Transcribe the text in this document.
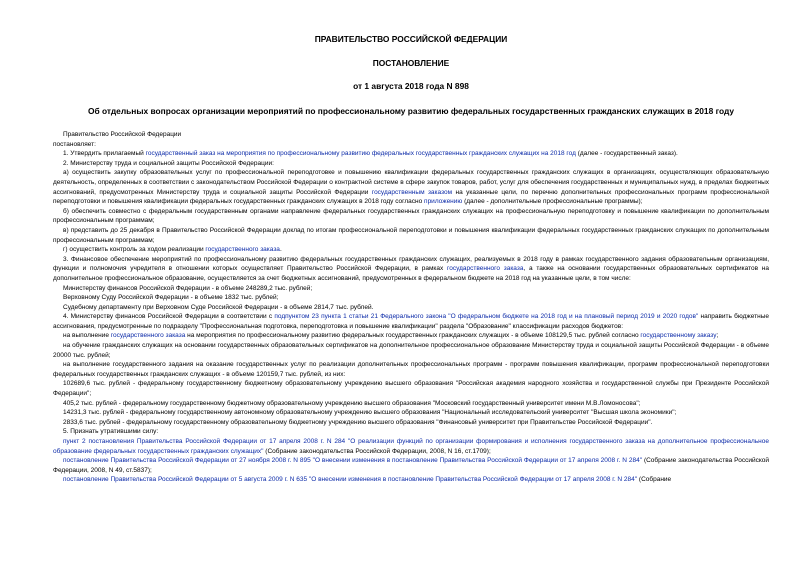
ПРАВИТЕЛЬСТВО РОССИЙСКОЙ ФЕДЕРАЦИИ
ПОСТАНОВЛЕНИЕ
от 1 августа 2018 года N 898
Об отдельных вопросах организации мероприятий по профессиональному развитию федеральных государственных гражданских служащих в 2018 году

Правительство Российской Федерации

постановляет:

1. Утвердить прилагаемый государственный заказ на мероприятия по профессиональному развитию федеральных государственных гражданских служащих на 2018 год (далее - государственный заказ).

2. Министерству труда и социальной защиты Российской Федерации:

а) осуществить закупку образовательных услуг по профессиональной переподготовке и повышению квалификации федеральных государственных гражданских служащих в организациях, осуществляющих образовательную деятельность, определенных в соответствии с законодательством Российской Федерации о контрактной системе в сфере закупок товаров, работ, услуг для обеспечения государственных и муниципальных нужд, в пределах бюджетных ассигнований, предусмотренных Министерству труда и социальной защиты Российской Федерации государственным заказом на указанные цели, по перечню дополнительных профессиональных программ профессиональной переподготовки и повышения квалификации федеральных государственных гражданских служащих в 2018 году согласно приложению (далее - дополнительные профессиональные программы);

б) обеспечить совместно с федеральным государственным органами направление федеральных государственных гражданских служащих на профессиональную переподготовку и повышение квалификации по дополнительным профессиональным программам;

в) представить до 25 декабря в Правительство Российской Федерации доклад по итогам профессиональной переподготовки и повышения квалификации федеральных государственных гражданских служащих по дополнительным профессиональным программам;

г) осуществить контроль за ходом реализации государственного заказа.

3. Финансовое обеспечение мероприятий по профессиональному развитию федеральных государственных гражданских служащих, реализуемых в 2018 году в рамках государственного задания образовательным организациям, функции и полномочия учредителя в отношении которых осуществляет Правительство Российской Федерации, в рамках государственного заказа, а также на основании государственных образовательных сертификатов на дополнительное профессиональное образование, осуществляется за счет бюджетных ассигнований, предусмотренных в федеральном бюджете на 2018 год на указанные цели, в том числе:

Министерству финансов Российской Федерации - в объеме 248289,2 тыс. рублей;

Верховному Суду Российской Федерации - в объеме 1832 тыс. рублей;

Судебному департаменту при Верховном Суде Российской Федерации - в объеме 2814,7 тыс. рублей.

4. Министерству финансов Российской Федерации в соответствии с подпунктом 23 пункта 1 статьи 21 Федерального закона "О федеральном бюджете на 2018 год и на плановый период 2019 и 2020 годов" направить бюджетные ассигнования, предусмотренные по подразделу "Профессиональная подготовка, переподготовка и повышение квалификации" раздела "Образование" классификации расходов бюджетов:

на выполнение государственного заказа на мероприятия по профессиональному развитию федеральных государственных гражданских служащих - в объеме 108129,5 тыс. рублей согласно государственному заказу;

на обучение гражданских служащих на основании государственных образовательных сертификатов на дополнительное профессиональное образование Министерству труда и социальной защиты Российской Федерации - в объеме 20000 тыс. рублей;

на выполнение государственного задания на оказание государственных услуг по реализации дополнительных профессиональных программ - программ повышения квалификации, программ профессиональной переподготовки федеральных государственных гражданских служащих - в объеме 120159,7 тыс. рублей, из них:

102689,6 тыс. рублей - федеральному государственному бюджетному образовательному учреждению высшего образования "Российская академия народного хозяйства и государственной службы при Президенте Российской Федерации";

405,2 тыс. рублей - федеральному государственному бюджетному образовательному учреждению высшего образования "Московский государственный университет имени М.В.Ломоносова";

14231,3 тыс. рублей - федеральному государственному автономному образовательному учреждению высшего образования "Национальный исследовательский университет "Высшая школа экономики";

2833,6 тыс. рублей - федеральному государственному образовательному бюджетному учреждению высшего образования "Финансовый университет при Правительстве Российской Федерации".

5. Признать утратившими силу:

пункт 2 постановления Правительства Российской Федерации от 17 апреля 2008 г. N 284 "О реализации функций по организации формирования и исполнения государственного заказа на дополнительное профессиональное образование федеральных государственных гражданских служащих" (Собрание законодательства Российской Федерации, 2008, N 16, ст.1709);

постановление Правительства Российской Федерации от 27 ноября 2008 г. N 895 "О внесении изменения в постановление Правительства Российской Федерации от 17 апреля 2008 г. N 284" (Собрание законодательства Российской Федерации, 2008, N 49, ст.5837);

постановление Правительства Российской Федерации от 5 августа 2009 г. N 635 "О внесении изменения в постановление Правительства Российской Федерации от 17 апреля 2008 г. N 284" (Собрание
